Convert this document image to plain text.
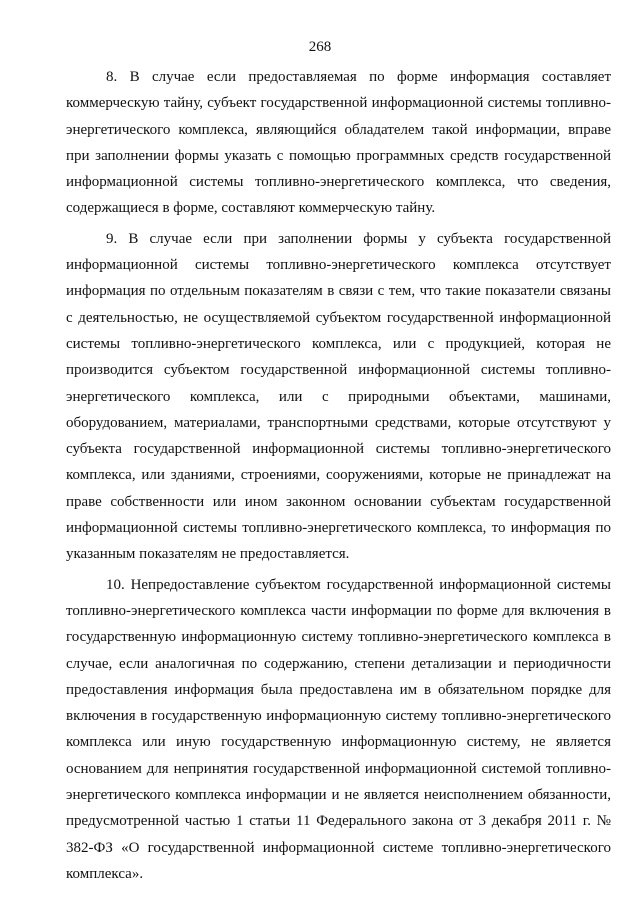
268

8. В случае если предоставляемая по форме информация составляет коммерческую тайну, субъект государственной информационной системы топливно-энергетического комплекса, являющийся обладателем такой информации, вправе при заполнении формы указать с помощью программных средств государственной информационной системы топливно-энергетического комплекса, что сведения, содержащиеся в форме, составляют коммерческую тайну.

9. В случае если при заполнении формы у субъекта государственной информационной системы топливно-энергетического комплекса отсутствует информация по отдельным показателям в связи с тем, что такие показатели связаны с деятельностью, не осуществляемой субъектом государственной информационной системы топливно-энергетического комплекса, или с продукцией, которая не производится субъектом государственной информационной системы топливно-энергетического комплекса, или с природными объектами, машинами, оборудованием, материалами, транспортными средствами, которые отсутствуют у субъекта государственной информационной системы топливно-энергетического комплекса, или зданиями, строениями, сооружениями, которые не принадлежат на праве собственности или ином законном основании субъектам государственной информационной системы топливно-энергетического комплекса, то информация по указанным показателям не предоставляется.

10. Непредоставление субъектом государственной информационной системы топливно-энергетического комплекса части информации по форме для включения в государственную информационную систему топливно-энергетического комплекса в случае, если аналогичная по содержанию, степени детализации и периодичности предоставления информация была предоставлена им в обязательном порядке для включения в государственную информационную систему топливно-энергетического комплекса или иную государственную информационную систему, не является основанием для непринятия государственной информационной системой топливно-энергетического комплекса информации и не является неисполнением обязанности, предусмотренной частью 1 статьи 11 Федерального закона от 3 декабря 2011 г. № 382-ФЗ «О государственной информационной системе топливно-энергетического комплекса».
